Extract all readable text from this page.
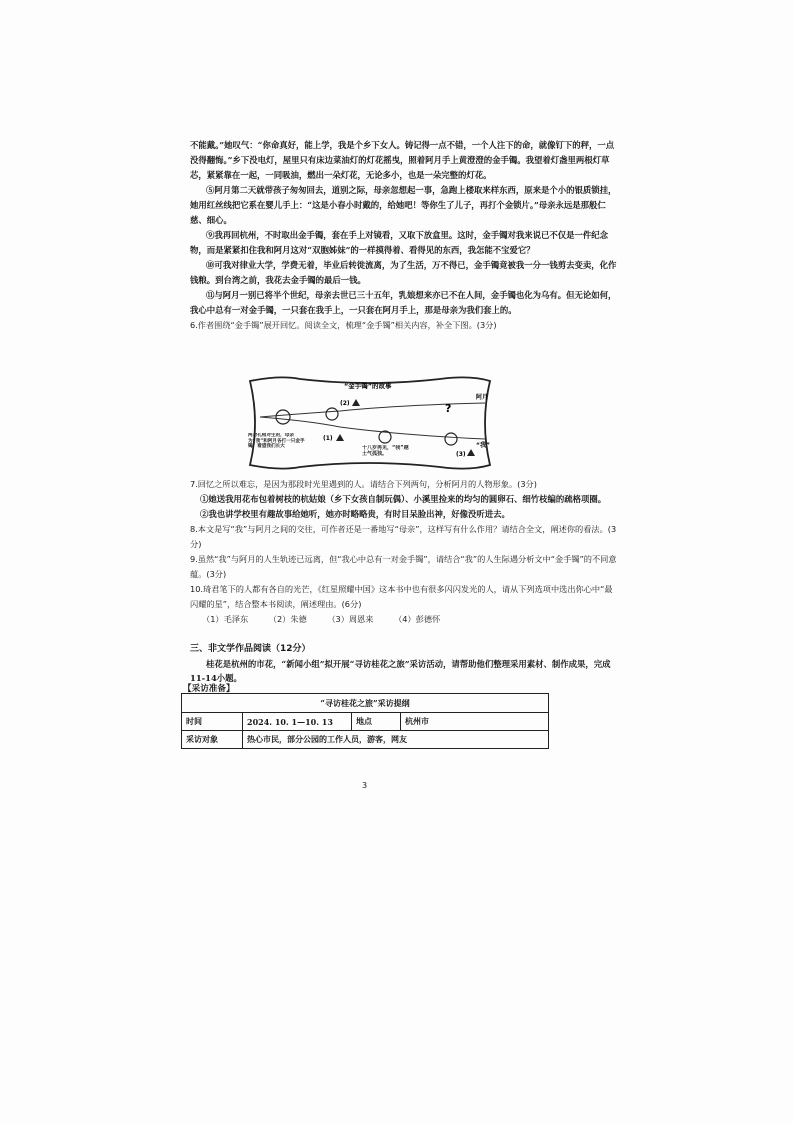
不能戴。”她叹气：“你命真好，能上学，我是个乡下女人。铸记得一点不错，一个人注下的命，就像钉下的秤，一点没得翻悔。”乡下没电灯，屋里只有床边菜油灯的灯花摇曳，照着阿月手上黄澄澄的金手镯。我望着灯盏里两根灯草芯，紧紧靠在一起，一同吸油，燃出一朵灯花，无论多小，也是一朵完整的灯花。

⑤阿月第二天就带孩子匆匆回去，道别之际，母亲忽想起一事，急跑上楼取来样东西，原来是个小的银质锁挂，她用红丝线把它系在婴儿手上：“这是小春小时戴的，给她吧！等你生了儿子，再打个金锁片。”母亲永远是那般仁慈、细心。

⑨我再回杭州，不时取出金手镯，套在手上对镜看，又取下放盒里。这时，金手镯对我来说已不仅是一件纪念物，而是紧紧扣住我和阿月这对“双胞姊妹”的一样摸得着、看得见的东西，我怎能不宝爱它？

⑩可我对律业大学，学费无着，毕业后转徙流离，为了生活，万不得已，金手镯竟被我一分一钱剪去变卖，化作钱粮。到台湾之前，我花去金手镯的最后一钱。

⑪与阿月一别已将半个世纪，母亲去世已三十五年，乳娘想来亦已不在人间，金手镯也化为乌有。但无论如何，我心中总有一对金手镯，一只套在我手上，一只套在阿月手上，那是母亲为我们套上的。

6.作者围绕“金手镯”展开回忆。阅读全文，梳理“金手镯”相关内容，补全下图。(3分)

“金手镯”的故事
(2)
(1)
(3)
?
阿月
“我”
两对孔相对生的，母亲为“我”和阿月各打一只金手镯，看望我们长大	十八岁再见，“我”越土气孤独。

7.回忆之所以难忘，是因为那段时光里遇到的人。请结合下列两句，分析阿月的人物形象。(3分)

①她送我用花布包着树枝的杭姑娘（乡下女孩自制玩偶）、小溪里捡来的均匀的圆卵石、细竹枝编的疏格项圈。

②我也讲学校里有趣故事给她听，她亦时略略贵，有时目呆脸出神，好像没听进去。

8.本文是写“我”与阿月之间的交往，可作者还是一番地写“母亲”，这样写有什么作用？请结合全文，阐述你的看法。(3分)

9.虽然“我”与阿月的人生轨迹已远离，但“我心中总有一对金手镯”，请结合“我”的人生际遇分析文中“金手镯”的不同意蕴。(3分)

10.琦君笔下的人都有各自的光芒，《红星照耀中国》这本书中也有很多闪闪发光的人，请从下列选项中选出你心中“最闪耀的星”，结合整本书阅读，阐述理由。(6分)

（1）毛泽东	（2）朱德	（3）周恩来	（4）彭德怀

三、非文学作品阅读（12分）

桂花是杭州的市花，“新闻小组”拟开展“寻访桂花之旅”采访活动，请帮助他们整理采用素材、制作成果，完成11-14小题。

【采访准备】
“寻访桂花之旅”采访提纲			
时间	2024. 10. 1—10. 13	地点	杭州市
采访对象	热心市民，部分公园的工作人员，游客，网友		
3
